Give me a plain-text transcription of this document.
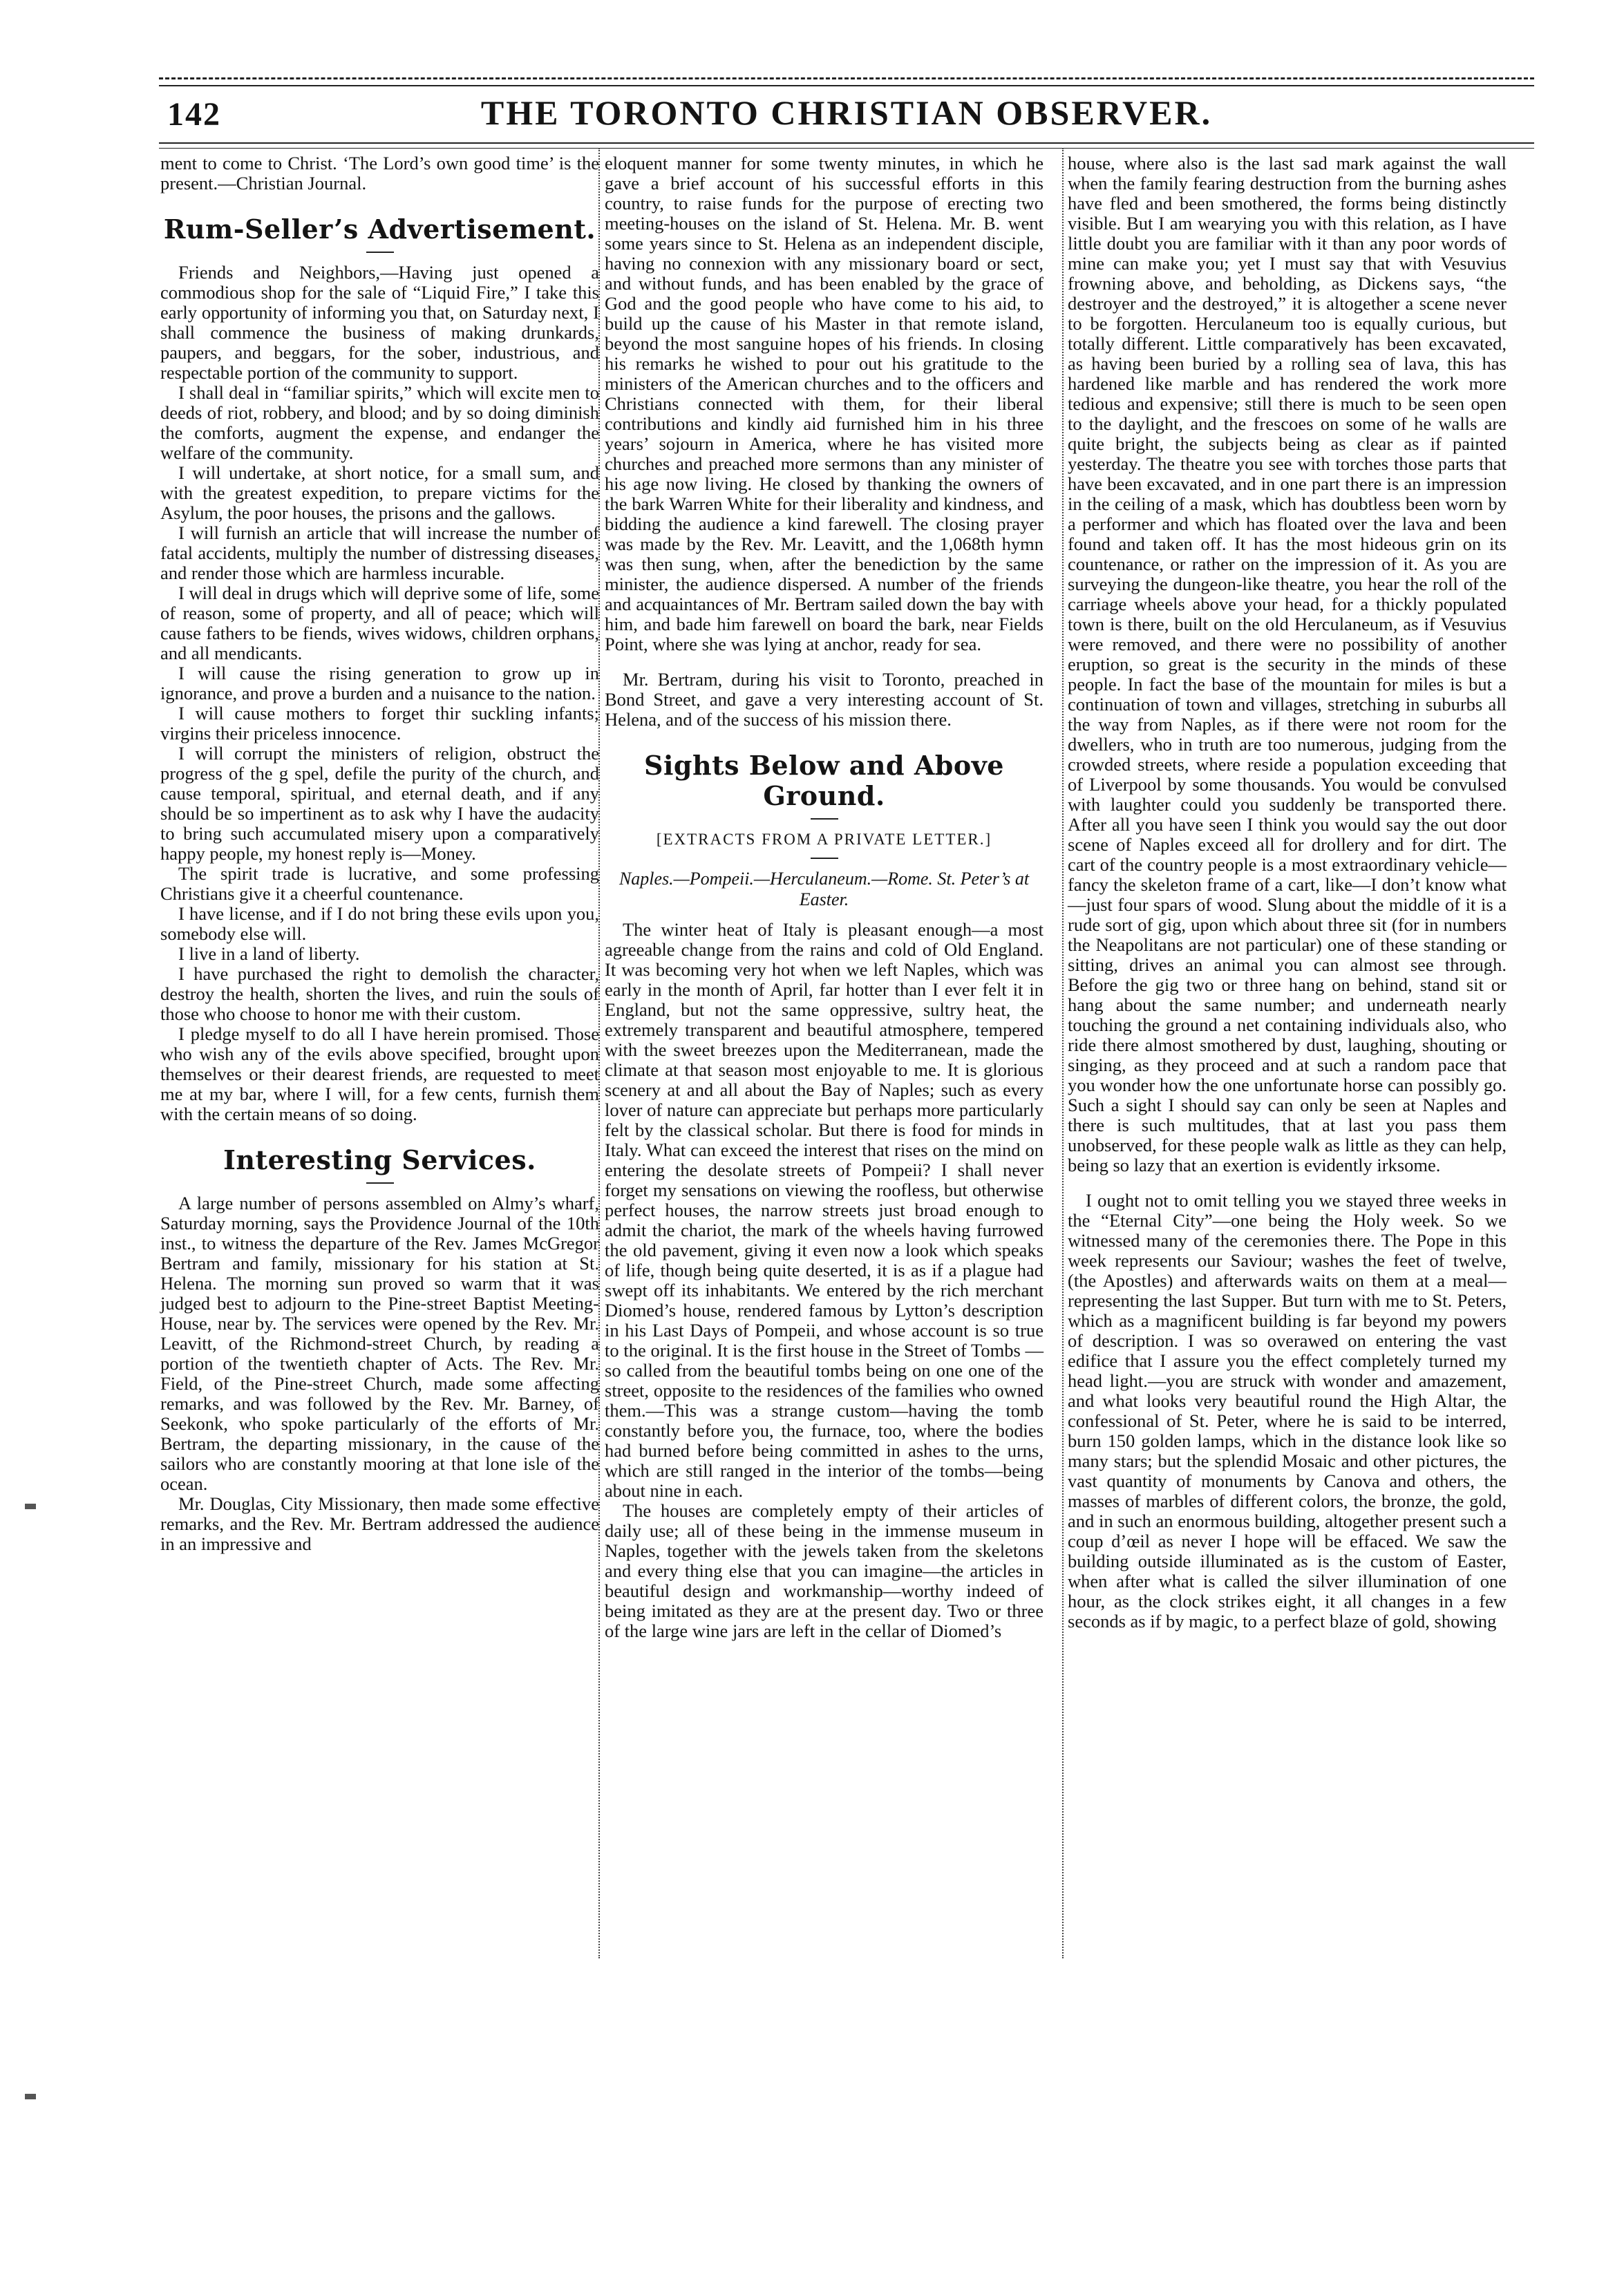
142	THE TORONTO CHRISTIAN OBSERVER.

ment to come to Christ. ‘The Lord’s own good time’ is the present.—Christian Journal.

Rum-Seller’s Advertisement.

Friends and Neighbors,—Having just opened a commodious shop for the sale of “Liquid Fire,” I take this early opportunity of informing you that, on Saturday next, I shall commence the business of making drunkards, paupers, and beggars, for the sober, industrious, and respectable portion of the community to support.

I shall deal in “familiar spirits,” which will excite men to deeds of riot, robbery, and blood; and by so doing diminish the comforts, augment the expense, and endanger the welfare of the community.

I will undertake, at short notice, for a small sum, and with the greatest expedition, to prepare victims for the Asylum, the poor houses, the prisons and the gallows.

I will furnish an article that will increase the number of fatal accidents, multiply the number of distressing diseases, and render those which are harmless incurable.

I will deal in drugs which will deprive some of life, some of reason, some of property, and all of peace; which will cause fathers to be fiends, wives widows, children orphans, and all mendicants.

I will cause the rising generation to grow up in ignorance, and prove a burden and a nuisance to the nation.

I will cause mothers to forget thir suckling infants; virgins their priceless innocence.

I will corrupt the ministers of religion, obstruct the progress of the g spel, defile the purity of the church, and cause temporal, spiritual, and eternal death, and if any should be so impertinent as to ask why I have the audacity to bring such accumulated misery upon a comparatively happy people, my honest reply is—Money.

The spirit trade is lucrative, and some professing Christians give it a cheerful countenance.

I have license, and if I do not bring these evils upon you, somebody else will.

I live in a land of liberty.

I have purchased the right to demolish the character, destroy the health, shorten the lives, and ruin the souls of those who choose to honor me with their custom.

I pledge myself to do all I have herein promised. Those who wish any of the evils above specified, brought upon themselves or their dearest friends, are requested to meet me at my bar, where I will, for a few cents, furnish them with the certain means of so doing.

Interesting Services.

A large number of persons assembled on Almy’s wharf, Saturday morning, says the Providence Journal of the 10th inst., to witness the departure of the Rev. James McGregor Bertram and family, missionary for his station at St. Helena. The morning sun proved so warm that it was judged best to adjourn to the Pine-street Baptist Meeting-House, near by. The services were opened by the Rev. Mr. Leavitt, of the Richmond-street Church, by reading a portion of the twentieth chapter of Acts. The Rev. Mr. Field, of the Pine-street Church, made some affecting remarks, and was followed by the Rev. Mr. Barney, of Seekonk, who spoke particularly of the efforts of Mr. Bertram, the departing missionary, in the cause of the sailors who are constantly mooring at that lone isle of the ocean.

Mr. Douglas, City Missionary, then made some effective remarks, and the Rev. Mr. Bertram addressed the audience in an impressive and

eloquent manner for some twenty minutes, in which he gave a brief account of his successful efforts in this country, to raise funds for the purpose of erecting two meeting-houses on the island of St. Helena. Mr. B. went some years since to St. Helena as an independent disciple, having no connexion with any missionary board or sect, and without funds, and has been enabled by the grace of God and the good people who have come to his aid, to build up the cause of his Master in that remote island, beyond the most sanguine hopes of his friends. In closing his remarks he wished to pour out his gratitude to the ministers of the American churches and to the officers and Christians connected with them, for their liberal contributions and kindly aid furnished him in his three years’ sojourn in America, where he has visited more churches and preached more sermons than any minister of his age now living. He closed by thanking the owners of the bark Warren White for their liberality and kindness, and bidding the audience a kind farewell. The closing prayer was made by the Rev. Mr. Leavitt, and the 1,068th hymn was then sung, when, after the benediction by the same minister, the audience dispersed. A number of the friends and acquaintances of Mr. Bertram sailed down the bay with him, and bade him farewell on board the bark, near Fields Point, where she was lying at anchor, ready for sea.

Mr. Bertram, during his visit to Toronto, preached in Bond Street, and gave a very interesting account of St. Helena, and of the success of his mission there.

Sights Below and Above Ground.
[EXTRACTS FROM A PRIVATE LETTER.]
Naples.—Pompeii.—Herculaneum.—Rome. St. Peter’s at Easter.

The winter heat of Italy is pleasant enough—a most agreeable change from the rains and cold of Old England. It was becoming very hot when we left Naples, which was early in the month of April, far hotter than I ever felt it in England, but not the same oppressive, sultry heat, the extremely transparent and beautiful atmosphere, tempered with the sweet breezes upon the Mediterranean, made the climate at that season most enjoyable to me. It is glorious scenery at and all about the Bay of Naples; such as every lover of nature can appreciate but perhaps more particularly felt by the classical scholar. But there is food for minds in Italy. What can exceed the interest that rises on the mind on entering the desolate streets of Pompeii? I shall never forget my sensations on viewing the roofless, but otherwise perfect houses, the narrow streets just broad enough to admit the chariot, the mark of the wheels having furrowed the old pavement, giving it even now a look which speaks of life, though being quite deserted, it is as if a plague had swept off its inhabitants. We entered by the rich merchant Diomed’s house, rendered famous by Lytton’s description in his Last Days of Pompeii, and whose account is so true to the original. It is the first house in the Street of Tombs —so called from the beautiful tombs being on one one of the street, opposite to the residences of the families who owned them.—This was a strange custom—having the tomb constantly before you, the furnace, too, where the bodies had burned before being committed in ashes to the urns, which are still ranged in the interior of the tombs—being about nine in each.

The houses are completely empty of their articles of daily use; all of these being in the immense museum in Naples, together with the jewels taken from the skeletons and every thing else that you can imagine—the articles in beautiful design and workmanship—worthy indeed of being imitated as they are at the present day. Two or three of the large wine jars are left in the cellar of Diomed’s

house, where also is the last sad mark against the wall when the family fearing destruction from the burning ashes have fled and been smothered, the forms being distinctly visible. But I am wearying you with this relation, as I have little doubt you are familiar with it than any poor words of mine can make you; yet I must say that with Vesuvius frowning above, and beholding, as Dickens says, “the destroyer and the destroyed,” it is altogether a scene never to be forgotten. Herculaneum too is equally curious, but totally different. Little comparatively has been excavated, as having been buried by a rolling sea of lava, this has hardened like marble and has rendered the work more tedious and expensive; still there is much to be seen open to the daylight, and the frescoes on some of he walls are quite bright, the subjects being as clear as if painted yesterday. The theatre you see with torches those parts that have been excavated, and in one part there is an impression in the ceiling of a mask, which has doubtless been worn by a performer and which has floated over the lava and been found and taken off. It has the most hideous grin on its countenance, or rather on the impression of it. As you are surveying the dungeon-like theatre, you hear the roll of the carriage wheels above your head, for a thickly populated town is there, built on the old Herculaneum, as if Vesuvius were removed, and there were no possibility of another eruption, so great is the security in the minds of these people. In fact the base of the mountain for miles is but a continuation of town and villages, stretching in suburbs all the way from Naples, as if there were not room for the dwellers, who in truth are too numerous, judging from the crowded streets, where reside a population exceeding that of Liverpool by some thousands. You would be convulsed with laughter could you suddenly be transported there. After all you have seen I think you would say the out door scene of Naples exceed all for drollery and for dirt. The cart of the country people is a most extraordinary vehicle—fancy the skeleton frame of a cart, like—I don’t know what—just four spars of wood. Slung about the middle of it is a rude sort of gig, upon which about three sit (for in numbers the Neapolitans are not particular) one of these standing or sitting, drives an animal you can almost see through. Before the gig two or three hang on behind, stand sit or hang about the same number; and underneath nearly touching the ground a net containing individuals also, who ride there almost smothered by dust, laughing, shouting or singing, as they proceed and at such a random pace that you wonder how the one unfortunate horse can possibly go. Such a sight I should say can only be seen at Naples and there is such multitudes, that at last you pass them unobserved, for these people walk as little as they can help, being so lazy that an exertion is evidently irksome.

I ought not to omit telling you we stayed three weeks in the “Eternal City”—one being the Holy week. So we witnessed many of the ceremonies there. The Pope in this week represents our Saviour; washes the feet of twelve, (the Apostles) and afterwards waits on them at a meal—representing the last Supper. But turn with me to St. Peters, which as a magnificent building is far beyond my powers of description. I was so overawed on entering the vast edifice that I assure you the effect completely turned my head light.—you are struck with wonder and amazement, and what looks very beautiful round the High Altar, the confessional of St. Peter, where he is said to be interred, burn 150 golden lamps, which in the distance look like so many stars; but the splendid Mosaic and other pictures, the vast quantity of monuments by Canova and others, the masses of marbles of different colors, the bronze, the gold, and in such an enormous building, altogether present such a coup d’œil as never I hope will be effaced. We saw the building outside illuminated as is the custom of Easter, when after what is called the silver illumination of one hour, as the clock strikes eight, it all changes in a few seconds as if by magic, to a perfect blaze of gold, showing
